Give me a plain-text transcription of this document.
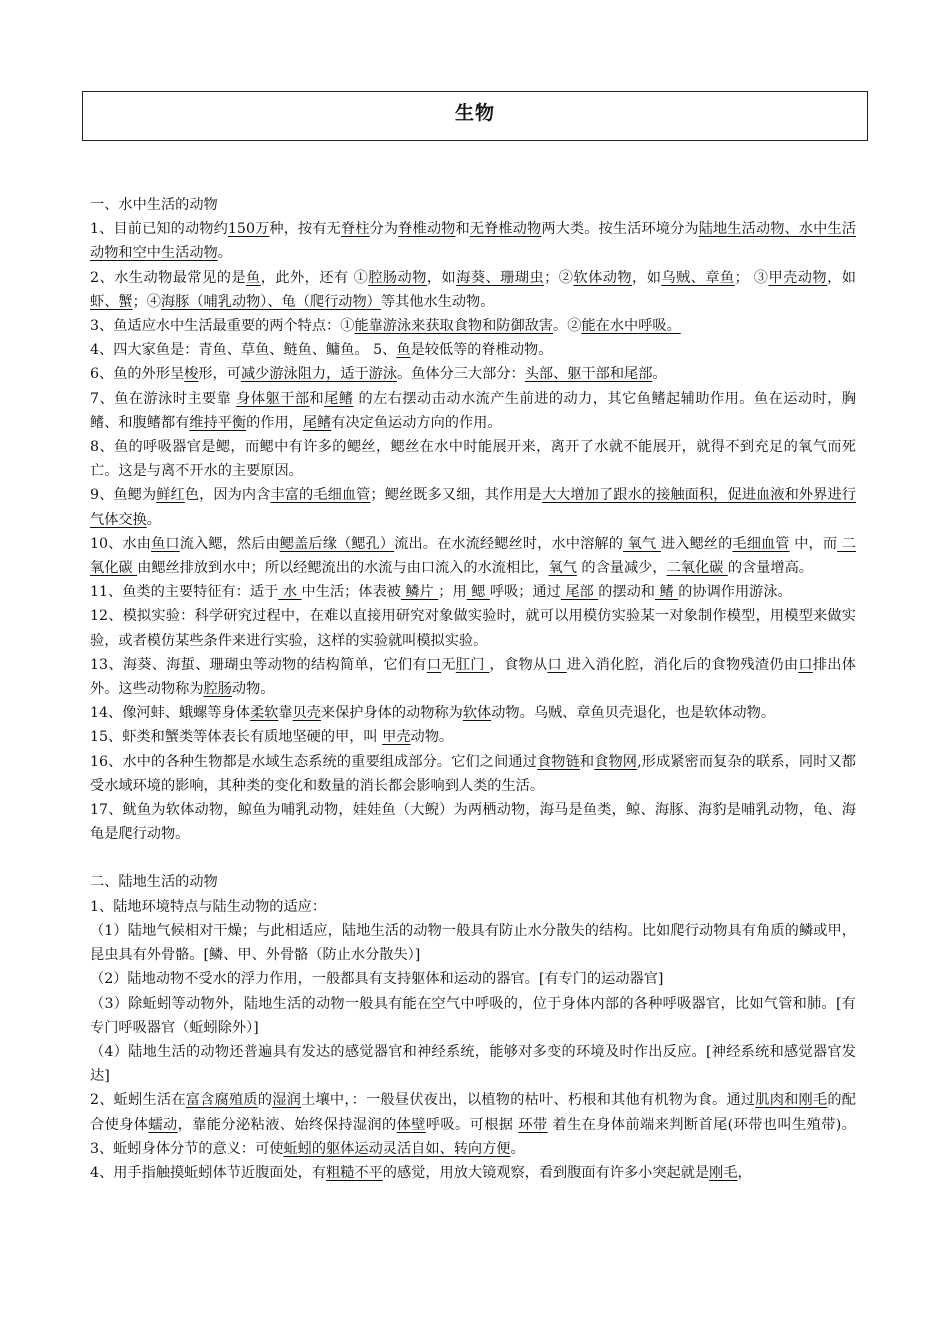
生物

一、水中生活的动物

1、目前已知的动物约150万种，按有无脊柱分为脊椎动物和无脊椎动物两大类。按生活环境分为陆地生活动物、水中生活动物和空中生活动物。

2、水生动物最常见的是鱼，此外，还有 ①腔肠动物，如海葵、珊瑚虫；②软体动物，如乌贼、章鱼； ③甲壳动物，如虾、蟹；④海豚（哺乳动物）、龟（爬行动物）等其他水生动物。

3、鱼适应水中生活最重要的两个特点：①能靠游泳来获取食物和防御敌害。②能在水中呼吸。

4、四大家鱼是：青鱼、草鱼、鲢鱼、鳙鱼。 5、鱼是较低等的脊椎动物。

6、鱼的外形呈梭形，可减少游泳阻力，适于游泳。鱼体分三大部分：头部、躯干部和尾部。

7、鱼在游泳时主要靠 身体躯干部和尾鳍 的左右摆动击动水流产生前进的动力，其它鱼鳍起辅助作用。鱼在运动时，胸鳍、和腹鳍都有维持平衡的作用，尾鳍有决定鱼运动方向的作用。

8、鱼的呼吸器官是鳃，而鳃中有许多的鳃丝，鳃丝在水中时能展开来，离开了水就不能展开，就得不到充足的氧气而死亡。这是与离不开水的主要原因。

9、鱼鳃为鲜红色，因为内含丰富的毛细血管；鳃丝既多又细，其作用是大大增加了跟水的接触面积，促进血液和外界进行气体交换。

10、水由鱼口流入鳃，然后由鳃盖后缘（鳃孔）流出。在水流经鳃丝时，水中溶解的 氧气 进入鳃丝的毛细血管 中，而 二氧化碳 由鳃丝排放到水中；所以经鳃流出的水流与由口流入的水流相比，氧气 的含量减少，二氧化碳 的含量增高。

11、鱼类的主要特征有：适于 水 中生活；体表被 鳞片 ；用 鳃 呼吸；通过 尾部 的摆动和 鳍 的协调作用游泳。

12、模拟实验：科学研究过程中，在难以直接用研究对象做实验时，就可以用模仿实验某一对象制作模型，用模型来做实验，或者模仿某些条件来进行实验，这样的实验就叫模拟实验。

13、海葵、海蜇、珊瑚虫等动物的结构简单，它们有口无肛门 ，食物从口 进入消化腔，消化后的食物残渣仍由口排出体外。这些动物称为腔肠动物。

14、像河蚌、蛾螺等身体柔软靠贝壳来保护身体的动物称为软体动物。乌贼、章鱼贝壳退化，也是软体动物。

15、虾类和蟹类等体表长有质地坚硬的甲，叫 甲壳动物。

16、水中的各种生物都是水域生态系统的重要组成部分。它们之间通过食物链和食物网,形成紧密而复杂的联系，同时又都受水域环境的影响，其种类的变化和数量的消长都会影响到人类的生活。

17、鱿鱼为软体动物，鲸鱼为哺乳动物，娃娃鱼（大鲵）为两栖动物，海马是鱼类，鲸、海豚、海豹是哺乳动物，龟、海龟是爬行动物。

二、陆地生活的动物

1、陆地环境特点与陆生动物的适应：

（1）陆地气候相对干燥；与此相适应，陆地生活的动物一般具有防止水分散失的结构。比如爬行动物具有角质的鳞或甲，昆虫具有外骨骼。[鳞、甲、外骨骼（防止水分散失）]

（2）陆地动物不受水的浮力作用，一般都具有支持躯体和运动的器官。[有专门的运动器官]

（3）除蚯蚓等动物外，陆地生活的动物一般具有能在空气中呼吸的，位于身体内部的各种呼吸器官，比如气管和肺。[有专门呼吸器官（蚯蚓除外）]

（4）陆地生活的动物还普遍具有发达的感觉器官和神经系统，能够对多变的环境及时作出反应。[神经系统和感觉器官发达]

2、蚯蚓生活在富含腐殖质的湿润土壤中，：一般昼伏夜出，以植物的枯叶、朽根和其他有机物为食。通过肌肉和刚毛的配合使身体蠕动，靠能分泌粘液、始终保持湿润的体壁呼吸。可根据 环带 着生在身体前端来判断首尾(环带也叫生殖带)。 3、蚯蚓身体分节的意义：可使蚯蚓的躯体运动灵活自如、转向方便。

4、用手指触摸蚯蚓体节近腹面处，有粗糙不平的感觉，用放大镜观察，看到腹面有许多小突起就是刚毛，
